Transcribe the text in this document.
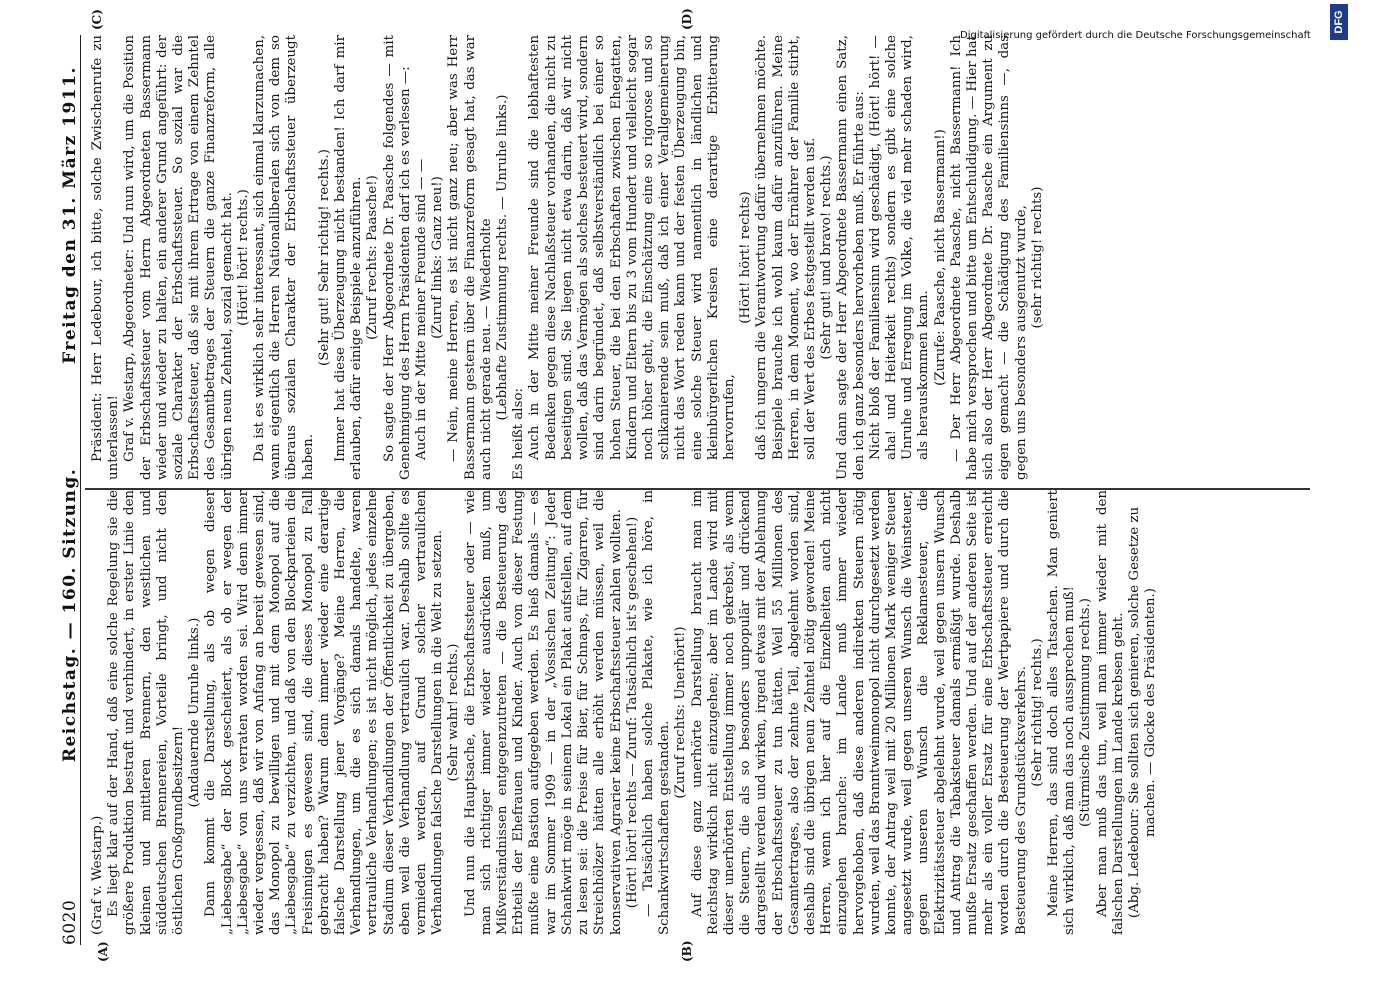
6020
Reichstag. — 160. Sitzung.
Freitag den 31. März 1911.
(A)	(B)
(C)	(D)

(Graf v. Westarp.) Es liegt klar auf der Hand, daß eine solche Regelung sie die größere Produktion bestraft und verhindert, in erster Linie den kleinen und mittleren Brennern, den westlichen und süddeutschen Brennereien, Vorteile bringt, und nicht den östlichen Großgrundbesitzern!

(Andauernde Unruhe links.) Dann kommt die Darstellung, als ob wegen dieser „Liebesgabe“ der Block gescheitert, als ob er wegen der „Liebesgabe“ von uns verraten worden sei. Wird denn immer wieder vergessen, daß wir von Anfang an bereit gewesen sind, das Monopol zu bewilligen und mit dem Monopol auf die „Liebesgabe“ zu verzichten, und daß von den Blockparteien die Freisinnigen es gewesen sind, die dieses Monopol zu Fall gebracht haben? Warum denn immer wieder eine derartige falsche Darstellung jener Vorgänge? Meine Herren, die Verhandlungen, um die es sich damals handelte, waren vertrauliche Verhandlungen; es ist nicht möglich, jedes einzelne Stadium dieser Verhandlungen der Öffentlichkeit zu übergeben, eben weil die Verhandlung vertraulich war. Deshalb sollte es vermieden werden, auf Grund solcher vertraulichen Verhandlungen falsche Darstellungen in die Welt zu setzen. (Sehr wahr! rechts.) Und nun die Hauptsache, die Erbschaftssteuer oder — wie man sich richtiger immer wieder ausdrücken muß, um Mißverständnissen entgegenzutreten — die Besteuerung des Erbteils der Ehefrauen und Kinder. Auch von dieser Festung mußte eine Bastion aufgegeben werden. Es hieß damals — es war im Sommer 1909 — in der „Vossischen Zeitung“: Jeder Schankwirt möge in seinem Lokal ein Plakat aufstellen, auf dem zu lesen sei: die Preise für Bier, für Schnaps, für Zigarren, für Streichhölzer hätten alle erhöht werden müssen, weil die konservativen Agrarier keine Erbschaftssteuer zahlen wollten. (Hört! hört! rechts — Zuruf: Tatsächlich ist's geschehen!) — Tatsächlich haben solche Plakate, wie ich höre, in Schankwirtschaften gestanden.

(Zuruf rechts: Unerhört!) Auf diese ganz unerhörte Darstellung braucht man im Reichstag wirklich nicht einzugehen; aber im Lande wird mit dieser unerhörten Entstellung immer noch gekrebst, als wenn die Steuern, die als so besonders unpopulär und drückend dargestellt werden und wirken, irgend etwas mit der Ablehnung der Erbschaftssteuer zu tun hätten. Weil 55 Millionen des Gesamtertrages, also der zehnte Teil, abgelehnt worden sind, deshalb sind die übrigen neun Zehntel nötig geworden! Meine Herren, wenn ich hier auf die Einzelheiten auch nicht einzugehen brauche: im Lande muß immer wieder hervorgehoben, daß diese anderen indirekten Steuern nötig wurden, weil das Branntweinmonopol nicht durchgesetzt werden konnte, der Antrag weil mit 20 Millionen Mark weniger Steuer angesetzt wurde, weil gegen unseren Wunsch die Weinsteuer, gegen unseren Wunsch die Reklamesteuer, die Elektrizitätssteuer abgelehnt wurde, weil gegen unsern Wunsch und Antrag die Tabaksteuer damals ermäßigt wurde. Deshalb mußte Ersatz geschaffen werden. Und auf der anderen Seite ist mehr als ein voller Ersatz für eine Erbschaftssteuer erreicht worden durch die Besteuerung der Wertpapiere und durch die Besteuerung des Grundstücksverkehrs. (Sehr richtig! rechts.) Meine Herren, das sind doch alles Tatsachen. Man geniert sich wirklich, daß man das noch aussprechen muß! (Stürmische Zustimmung rechts.) Aber man muß das tun, weil man immer wieder mit den falschen Darstellungen im Lande krebsen geht. (Abg. Ledebour: Sie sollten sich genieren, solche Gesetze zu machen. — Glocke des Präsidenten.)

Präsident: Herr Ledebour, ich bitte, solche Zwischenrufe zu unterlassen! Graf v. Westarp, Abgeordneter: Und nun wird, um die Position der Erbschaftssteuer vom Herrn Abgeordneten Bassermann wieder und wieder zu halten, ein anderer Grund angeführt: der soziale Charakter der Erbschaftssteuer. So sozial war die Erbschaftssteuer, daß sie mit ihrem Ertrage von einem Zehntel des Gesamtbetrages der Steuern die ganze Finanzreform, alle übrigen neun Zehntel, sozial gemacht hat. (Hört! hört! rechts.) Da ist es wirklich sehr interessant, sich einmal klarzumachen, wann eigentlich die Herren Nationalliberalen sich von dem so überaus sozialen Charakter der Erbschaftssteuer überzeugt haben.

(Sehr gut! Sehr richtig! rechts.) Immer hat diese Überzeugung nicht bestanden! Ich darf mir erlauben, dafür einige Beispiele anzuführen. (Zuruf rechts: Paasche!) So sagte der Herr Abgeordnete Dr. Paasche folgendes — mit Genehmigung des Herrn Präsidenten darf ich es verlesen —: Auch in der Mitte meiner Freunde sind — — (Zuruf links: Ganz neu!) — Nein, meine Herren, es ist nicht ganz neu; aber was Herr Bassermann gestern über die Finanzreform gesagt hat, das war auch nicht gerade neu. — Wiederholte (Lebhafte Zustimmung rechts. — Unruhe links.)

Es heißt also: Auch in der Mitte meiner Freunde sind die lebhaftesten Bedenken gegen diese Nachlaßsteuer vorhanden, die nicht zu beseitigen sind. Sie liegen nicht etwa darin, daß wir nicht wollen, daß das Vermögen als solches besteuert wird, sondern sind darin begründet, daß selbstverständlich bei einer so hohen Steuer, die bei den Erbschaften zwischen Ehegatten, Kindern und Eltern bis zu 3 vom Hundert und vielleicht sogar noch höher geht, die Einschätzung eine so rigorose und so schikanierende sein muß, daß ich einer Verallgemeinerung nicht das Wort reden kann und der festen Überzeugung bin, eine solche Steuer wird namentlich in ländlichen und kleinbürgerlichen Kreisen eine derartige Erbitterung hervorrufen,

(Hört! hört! rechts) daß ich ungern die Verantwortung dafür übernehmen möchte. Beispiele brauche ich wohl kaum dafür anzuführen. Meine Herren, in dem Moment, wo der Ernährer der Familie stirbt, soll der Wert des Erbes festgestellt werden usf. (Sehr gut! und bravo! rechts.) Und dann sagte der Herr Abgeordnete Bassermann einen Satz, den ich ganz besonders hervorheben muß. Er führte aus: Nicht bloß der Familiensinn wird geschädigt, (Hört! hört! — aha! und Heiterkeit rechts) sondern es gibt eine solche Unruhe und Erregung im Volke, die viel mehr schaden wird, als herauskommen kann. (Zurufe: Paasche, nicht Bassermann!) — Der Herr Abgeordnete Paasche, nicht Bassermann! Ich habe mich versprochen und bitte um Entschuldigung. — Hier hat sich also der Herr Abgeordnete Dr. Paasche ein Argument zu eigen gemacht — die Schädigung des Familiensinns —, das gegen uns besonders ausgenutzt wurde, (sehr richtig! rechts)

Digitalisierung gefördert durch die Deutsche Forschungsgemeinschaft
DFG
